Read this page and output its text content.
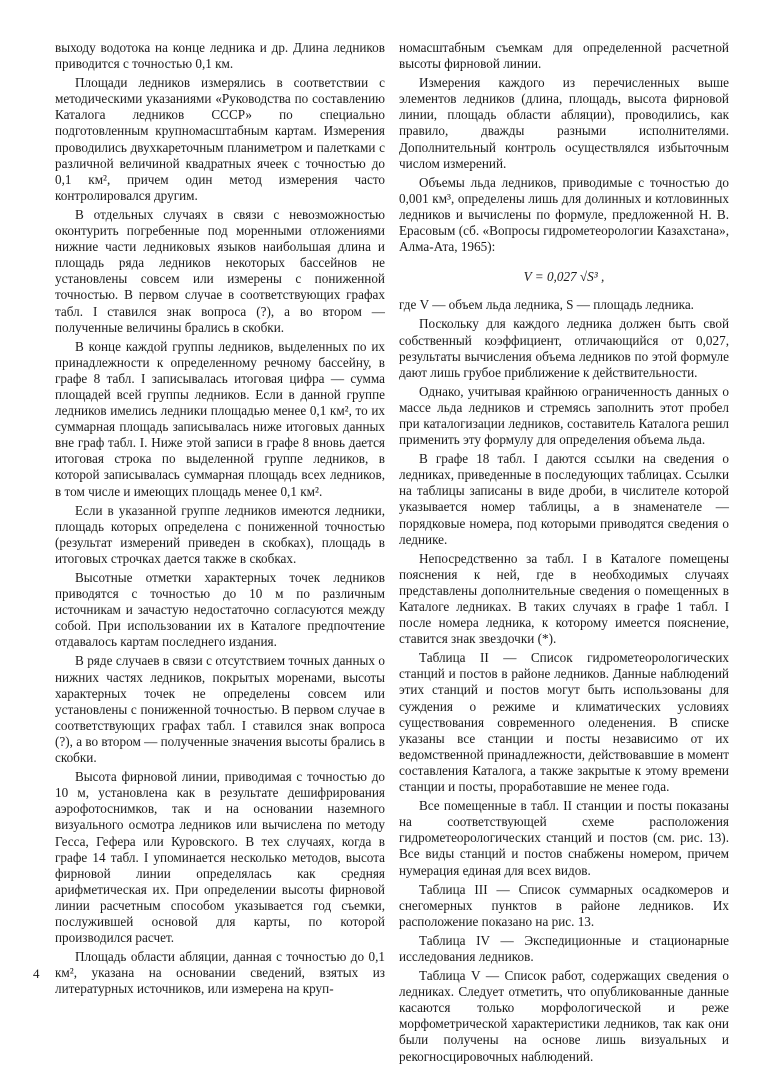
выходу водотока на конце ледника и др. Длина ледников приводится с точностью 0,1 км.

Площади ледников измерялись в соответствии с методическими указаниями «Руководства по составлению Каталога ледников СССР» по специально подготовленным крупномасштабным картам. Измерения проводились двухкареточным планиметром и палетками с различной величиной квадратных ячеек с точностью до 0,1 км², причем один метод измерения часто контролировался другим.

В отдельных случаях в связи с невозможностью оконтурить погребенные под моренными отложениями нижние части ледниковых языков наибольшая длина и площадь ряда ледников некоторых бассейнов не установлены совсем или измерены с пониженной точностью. В первом случае в соответствующих графах табл. I ставился знак вопроса (?), а во втором — полученные величины брались в скобки.

В конце каждой группы ледников, выделенных по их принадлежности к определенному речному бассейну, в графе 8 табл. I записывалась итоговая цифра — сумма площадей всей группы ледников. Если в данной группе ледников имелись ледники площадью менее 0,1 км², то их суммарная площадь записывалась ниже итоговых данных вне граф табл. I. Ниже этой записи в графе 8 вновь дается итоговая строка по выделенной группе ледников, в которой записывалась суммарная площадь всех ледников, в том числе и имеющих площадь менее 0,1 км².

Если в указанной группе ледников имеются ледники, площадь которых определена с пониженной точностью (результат измерений приведен в скобках), площадь в итоговых строчках дается также в скобках.

Высотные отметки характерных точек ледников приводятся с точностью до 10 м по различным источникам и зачастую недостаточно согласуются между собой. При использовании их в Каталоге предпочтение отдавалось картам последнего издания.

В ряде случаев в связи с отсутствием точных данных о нижних частях ледников, покрытых моренами, высоты характерных точек не определены совсем или установлены с пониженной точностью. В первом случае в соответствующих графах табл. I ставился знак вопроса (?), а во втором — полученные значения высоты брались в скобки.

Высота фирновой линии, приводимая с точностью до 10 м, установлена как в результате дешифрирования аэрофотоснимков, так и на основании наземного визуального осмотра ледников или вычислена по методу Гесса, Гефера или Куровского. В тех случаях, когда в графе 14 табл. I упоминается несколько методов, высота фирновой линии определялась как средняя арифметическая их. При определении высоты фирновой линии расчетным способом указывается год съемки, послужившей основой для карты, по которой производился расчет.

Площадь области абляции, данная с точностью до 0,1 км², указана на основании сведений, взятых из литературных источников, или измерена на круп-

номасштабным съемкам для определенной расчетной высоты фирновой линии.

Измерения каждого из перечисленных выше элементов ледников (длина, площадь, высота фирновой линии, площадь области абляции), проводились, как правило, дважды разными исполнителями. Дополнительный контроль осуществлялся избыточным числом измерений.

Объемы льда ледников, приводимые с точностью до 0,001 км³, определены лишь для долинных и котловинных ледников и вычислены по формуле, предложенной Н. В. Ерасовым (сб. «Вопросы гидрометеорологии Казахстана», Алма-Ата, 1965):

V = 0,027 √S³ ,

где V — объем льда ледника, S — площадь ледника.

Поскольку для каждого ледника должен быть свой собственный коэффициент, отличающийся от 0,027, результаты вычисления объема ледников по этой формуле дают лишь грубое приближение к действительности.

Однако, учитывая крайнюю ограниченность данных о массе льда ледников и стремясь заполнить этот пробел при каталогизации ледников, составитель Каталога решил применить эту формулу для определения объема льда.

В графе 18 табл. I даются ссылки на сведения о ледниках, приведенные в последующих таблицах. Ссылки на таблицы записаны в виде дроби, в числителе которой указывается номер таблицы, а в знаменателе — порядковые номера, под которыми приводятся сведения о леднике.

Непосредственно за табл. I в Каталоге помещены пояснения к ней, где в необходимых случаях представлены дополнительные сведения о помещенных в Каталоге ледниках. В таких случаях в графе 1 табл. I после номера ледника, к которому имеется пояснение, ставится знак звездочки (*).

Таблица II — Список гидрометеорологических станций и постов в районе ледников. Данные наблюдений этих станций и постов могут быть использованы для суждения о режиме и климатических условиях существования современного оледенения. В списке указаны все станции и посты независимо от их ведомственной принадлежности, действовавшие в момент составления Каталога, а также закрытые к этому времени станции и посты, проработавшие не менее года.

Все помещенные в табл. II станции и посты показаны на соответствующей схеме расположения гидрометеорологических станций и постов (см. рис. 13). Все виды станций и постов снабжены номером, причем нумерация единая для всех видов.

Таблица III — Список суммарных осадкомеров и снегомерных пунктов в районе ледников. Их расположение показано на рис. 13.

Таблица IV — Экспедиционные и стационарные исследования ледников.

Таблица V — Список работ, содержащих сведения о ледниках. Следует отметить, что опубликованные данные касаются только морфологической и реже морфометрической характеристики ледников, так как они были получены на основе лишь визуальных и рекогносцировочных наблюдений.

4
